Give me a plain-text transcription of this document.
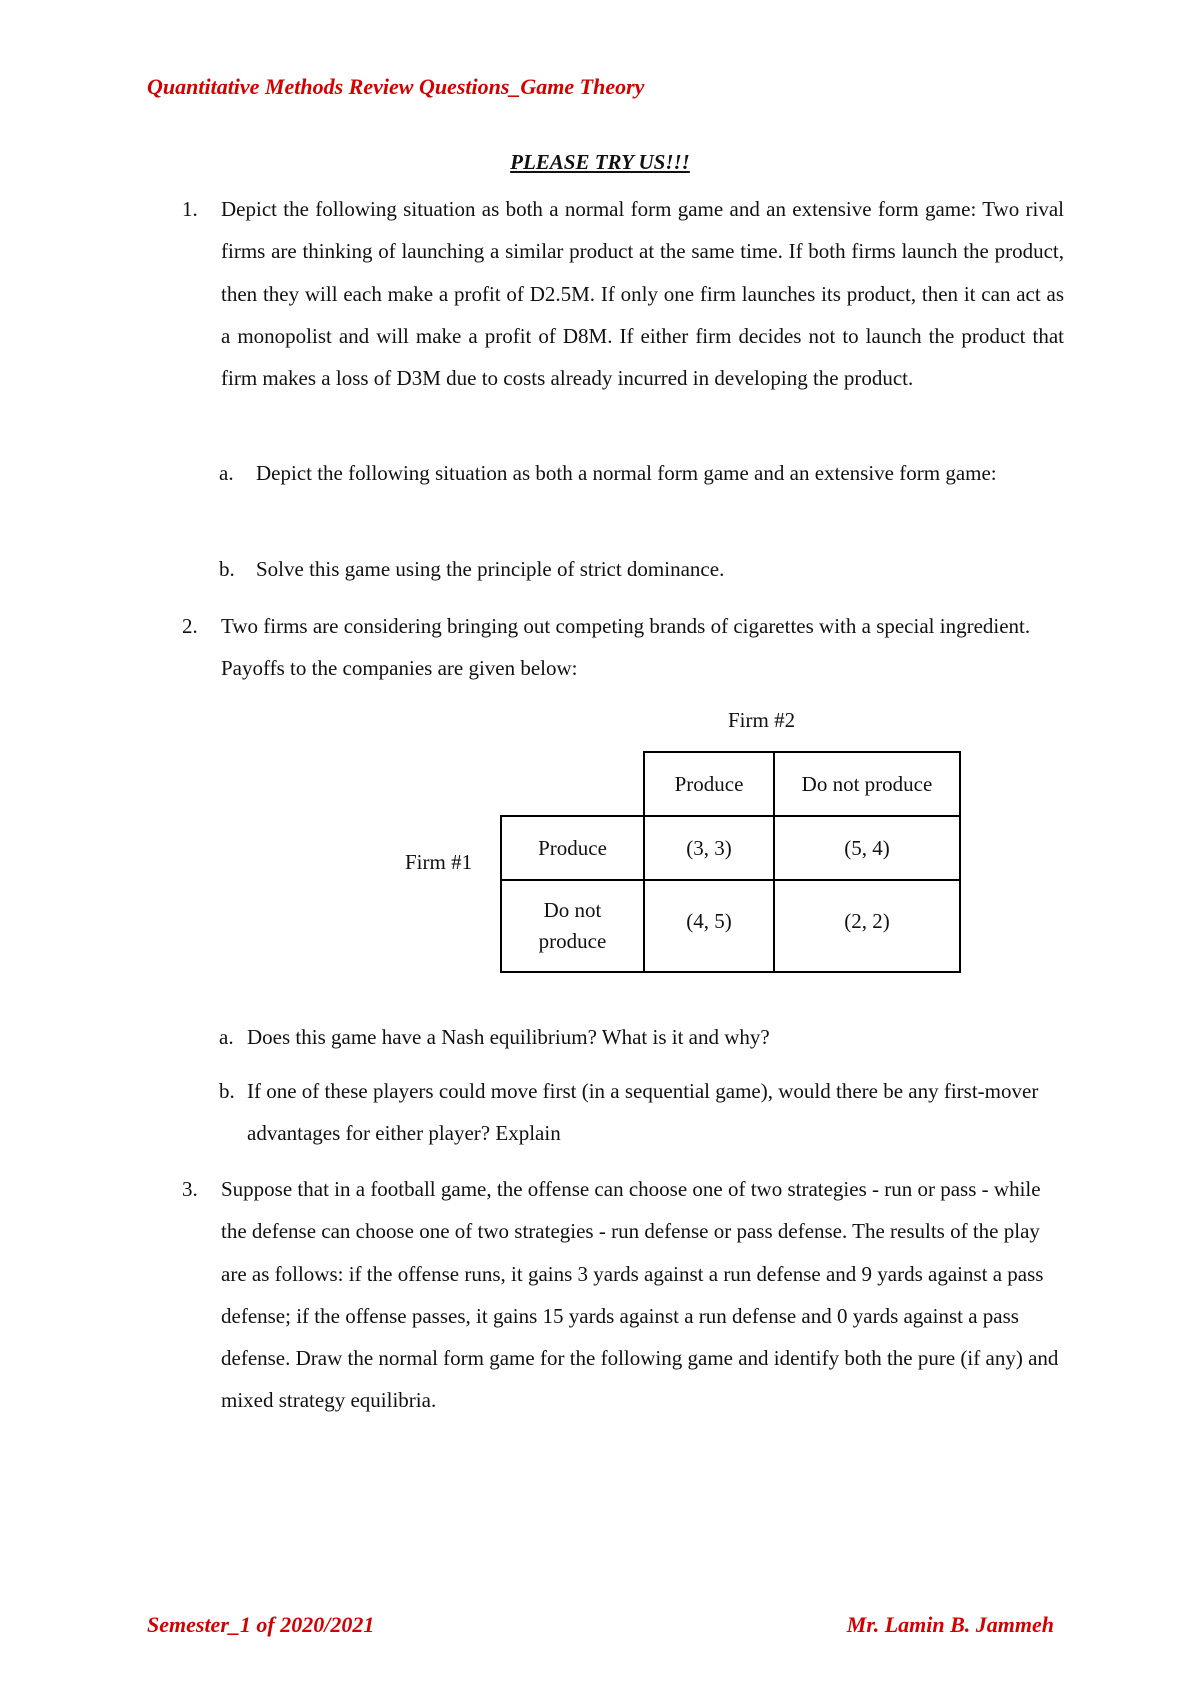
Quantitative Methods Review Questions_Game Theory
PLEASE TRY US!!!
1. Depict the following situation as both a normal form game and an extensive form game: Two rival firms are thinking of launching a similar product at the same time. If both firms launch the product, then they will each make a profit of D2.5M. If only one firm launches its product, then it can act as a monopolist and will make a profit of D8M. If either firm decides not to launch the product that firm makes a loss of D3M due to costs already incurred in developing the product.
a. Depict the following situation as both a normal form game and an extensive form game:
b. Solve this game using the principle of strict dominance.
2. Two firms are considering bringing out competing brands of cigarettes with a special ingredient. Payoffs to the companies are given below:
Firm #2
Firm #1
	Produce	Do not produce
Produce	(3, 3)	(5, 4)
Do not produce	(4, 5)	(2, 2)
a. Does this game have a Nash equilibrium? What is it and why?
b. If one of these players could move first (in a sequential game), would there be any first-mover advantages for either player? Explain
3. Suppose that in a football game, the offense can choose one of two strategies - run or pass - while the defense can choose one of two strategies - run defense or pass defense. The results of the play are as follows: if the offense runs, it gains 3 yards against a run defense and 9 yards against a pass defense; if the offense passes, it gains 15 yards against a run defense and 0 yards against a pass defense. Draw the normal form game for the following game and identify both the pure (if any) and mixed strategy equilibria.
Semester_1 of 2020/2021	Mr. Lamin B. Jammeh
